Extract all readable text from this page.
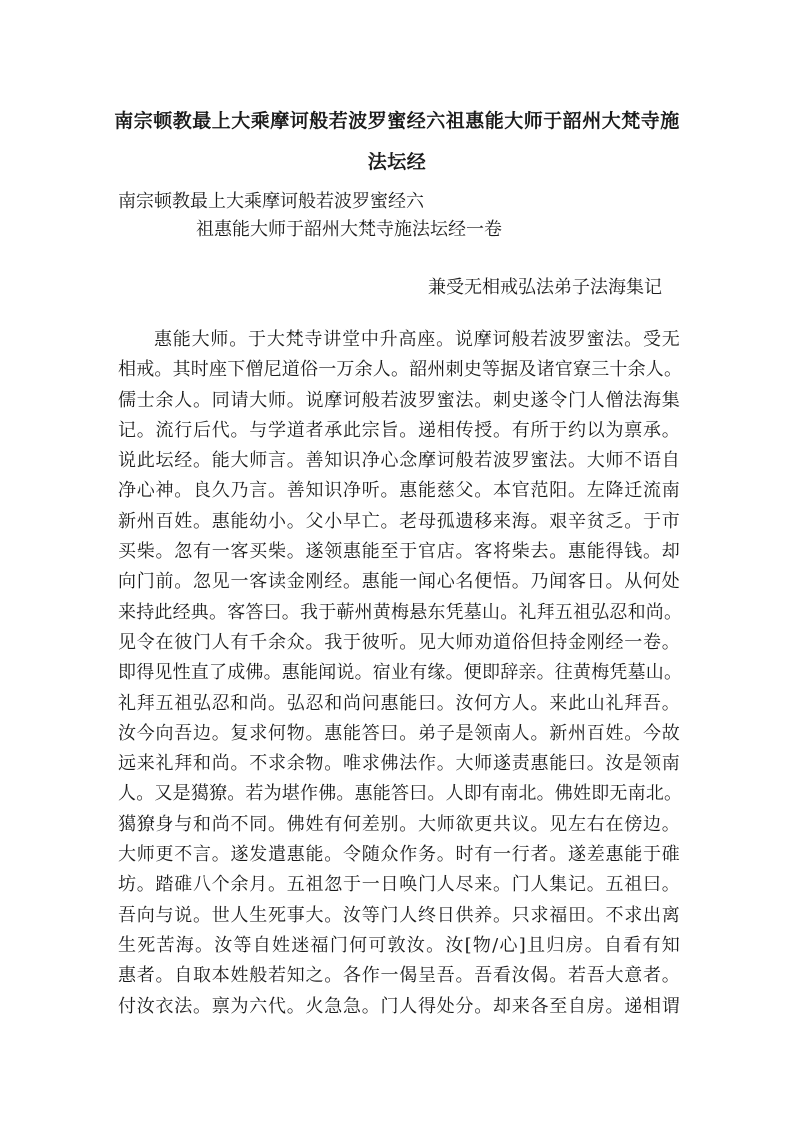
南宗顿教最上大乘摩诃般若波罗蜜经六祖惠能大师于韶州大梵寺施
法坛经
南宗顿教最上大乘摩诃般若波罗蜜经六
祖惠能大师于韶州大梵寺施法坛经一卷
兼受无相戒弘法弟子法海集记
惠能大师。于大梵寺讲堂中升高座。说摩诃般若波罗蜜法。受无
相戒。其时座下僧尼道俗一万余人。韶州刺史等据及诸官寮三十余人。
儒士余人。同请大师。说摩诃般若波罗蜜法。刺史遂令门人僧法海集
记。流行后代。与学道者承此宗旨。递相传授。有所于约以为禀承。
说此坛经。能大师言。善知识净心念摩诃般若波罗蜜法。大师不语自
净心神。良久乃言。善知识净听。惠能慈父。本官范阳。左降迁流南
新州百姓。惠能幼小。父小早亡。老母孤遗移来海。艰辛贫乏。于市
买柴。忽有一客买柴。遂领惠能至于官店。客将柴去。惠能得钱。却
向门前。忽见一客读金刚经。惠能一闻心名便悟。乃闻客日。从何处
来持此经典。客答曰。我于蕲州黄梅悬东凭墓山。礼拜五祖弘忍和尚。
见令在彼门人有千余众。我于彼听。见大师劝道俗但持金刚经一卷。
即得见性直了成佛。惠能闻说。宿业有缘。便即辞亲。往黄梅凭墓山。
礼拜五祖弘忍和尚。弘忍和尚问惠能曰。汝何方人。来此山礼拜吾。
汝今向吾边。复求何物。惠能答曰。弟子是领南人。新州百姓。今故
远来礼拜和尚。不求余物。唯求佛法作。大师遂责惠能曰。汝是领南
人。又是獦獠。若为堪作佛。惠能答曰。人即有南北。佛姓即无南北。
獦獠身与和尚不同。佛姓有何差别。大师欲更共议。见左右在傍边。
大师更不言。遂发遣惠能。令随众作务。时有一行者。遂差惠能于碓
坊。踏碓八个余月。五祖忽于一日唤门人尽来。门人集记。五祖曰。
吾向与说。世人生死事大。汝等门人终日供养。只求福田。不求出离
生死苦海。汝等自姓迷福门何可敦汝。汝[物/心]且归房。自看有知
惠者。自取本姓般若知之。各作一偈呈吾。吾看汝偈。若吾大意者。
付汝衣法。禀为六代。火急急。门人得处分。却来各至自房。递相谓
